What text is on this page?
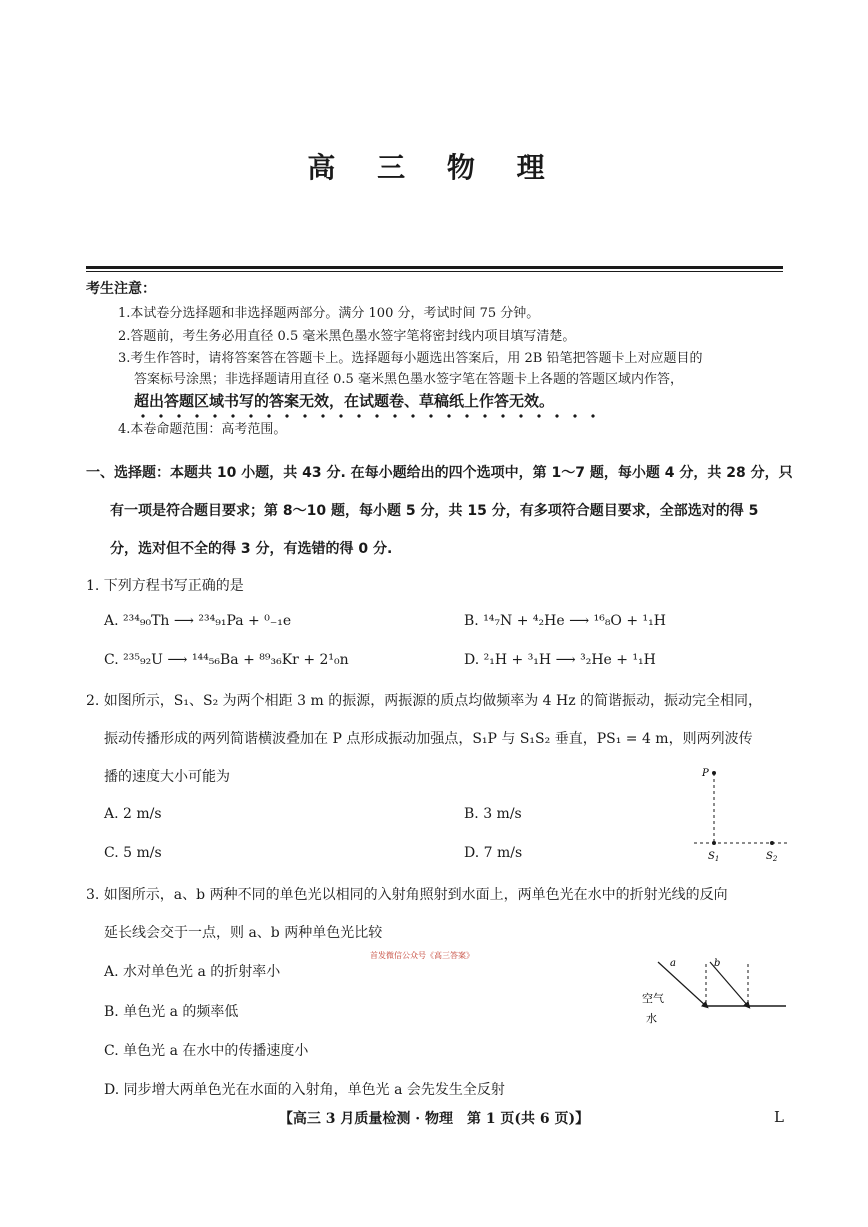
高 三 物 理
考生注意：
1.本试卷分选择题和非选择题两部分。满分 100 分，考试时间 75 分钟。
2.答题前，考生务必用直径 0.5 毫米黑色墨水签字笔将密封线内项目填写清楚。
3.考生作答时，请将答案答在答题卡上。选择题每小题选出答案后，用 2B 铅笔把答题卡上对应题目的
答案标号涂黑；非选择题请用直径 0.5 毫米黑色墨水签字笔在答题卡上各题的答题区域内作答，
超出答题区域书写的答案无效，在试题卷、草稿纸上作答无效。
4.本卷命题范围：高考范围。
一、选择题：本题共 10 小题，共 43 分. 在每小题给出的四个选项中，第 1～7 题，每小题 4 分，共 28 分，只
有一项是符合题目要求；第 8～10 题，每小题 5 分，共 15 分，有多项符合题目要求，全部选对的得 5
分，选对但不全的得 3 分，有选错的得 0 分.
1. 下列方程书写正确的是
A. ²³⁴₉₀Th ⟶ ²³⁴₉₁Pa + ⁰₋₁e	B. ¹⁴₇N + ⁴₂He ⟶ ¹⁶₈O + ¹₁H
C. ²³⁵₉₂U ⟶ ¹⁴⁴₅₆Ba + ⁸⁹₃₆Kr + 2¹₀n	D. ²₁H + ³₁H ⟶ ³₂He + ¹₁H
2. 如图所示，S₁、S₂ 为两个相距 3 m 的振源，两振源的质点均做频率为 4 Hz 的简谐振动，振动完全相同，
振动传播形成的两列简谐横波叠加在 P 点形成振动加强点，S₁P 与 S₁S₂ 垂直，PS₁ = 4 m，则两列波传
播的速度大小可能为
A. 2 m/s	B. 3 m/s
C. 5 m/s	D. 7 m/s
P
$S_1$	$S_2$
3. 如图所示，a、b 两种不同的单色光以相同的入射角照射到水面上，两单色光在水中的折射光线的反向
延长线会交于一点，则 a、b 两种单色光比较
首发微信公众号《高三答案》
A. 水对单色光 a 的折射率小
B. 单色光 a 的频率低
C. 单色光 a 在水中的传播速度小
D. 同步增大两单色光在水面的入射角，单色光 a 会先发生全反射
a	b
空气
水
【高三 3 月质量检测 · 物理　第 1 页(共 6 页)】	L
